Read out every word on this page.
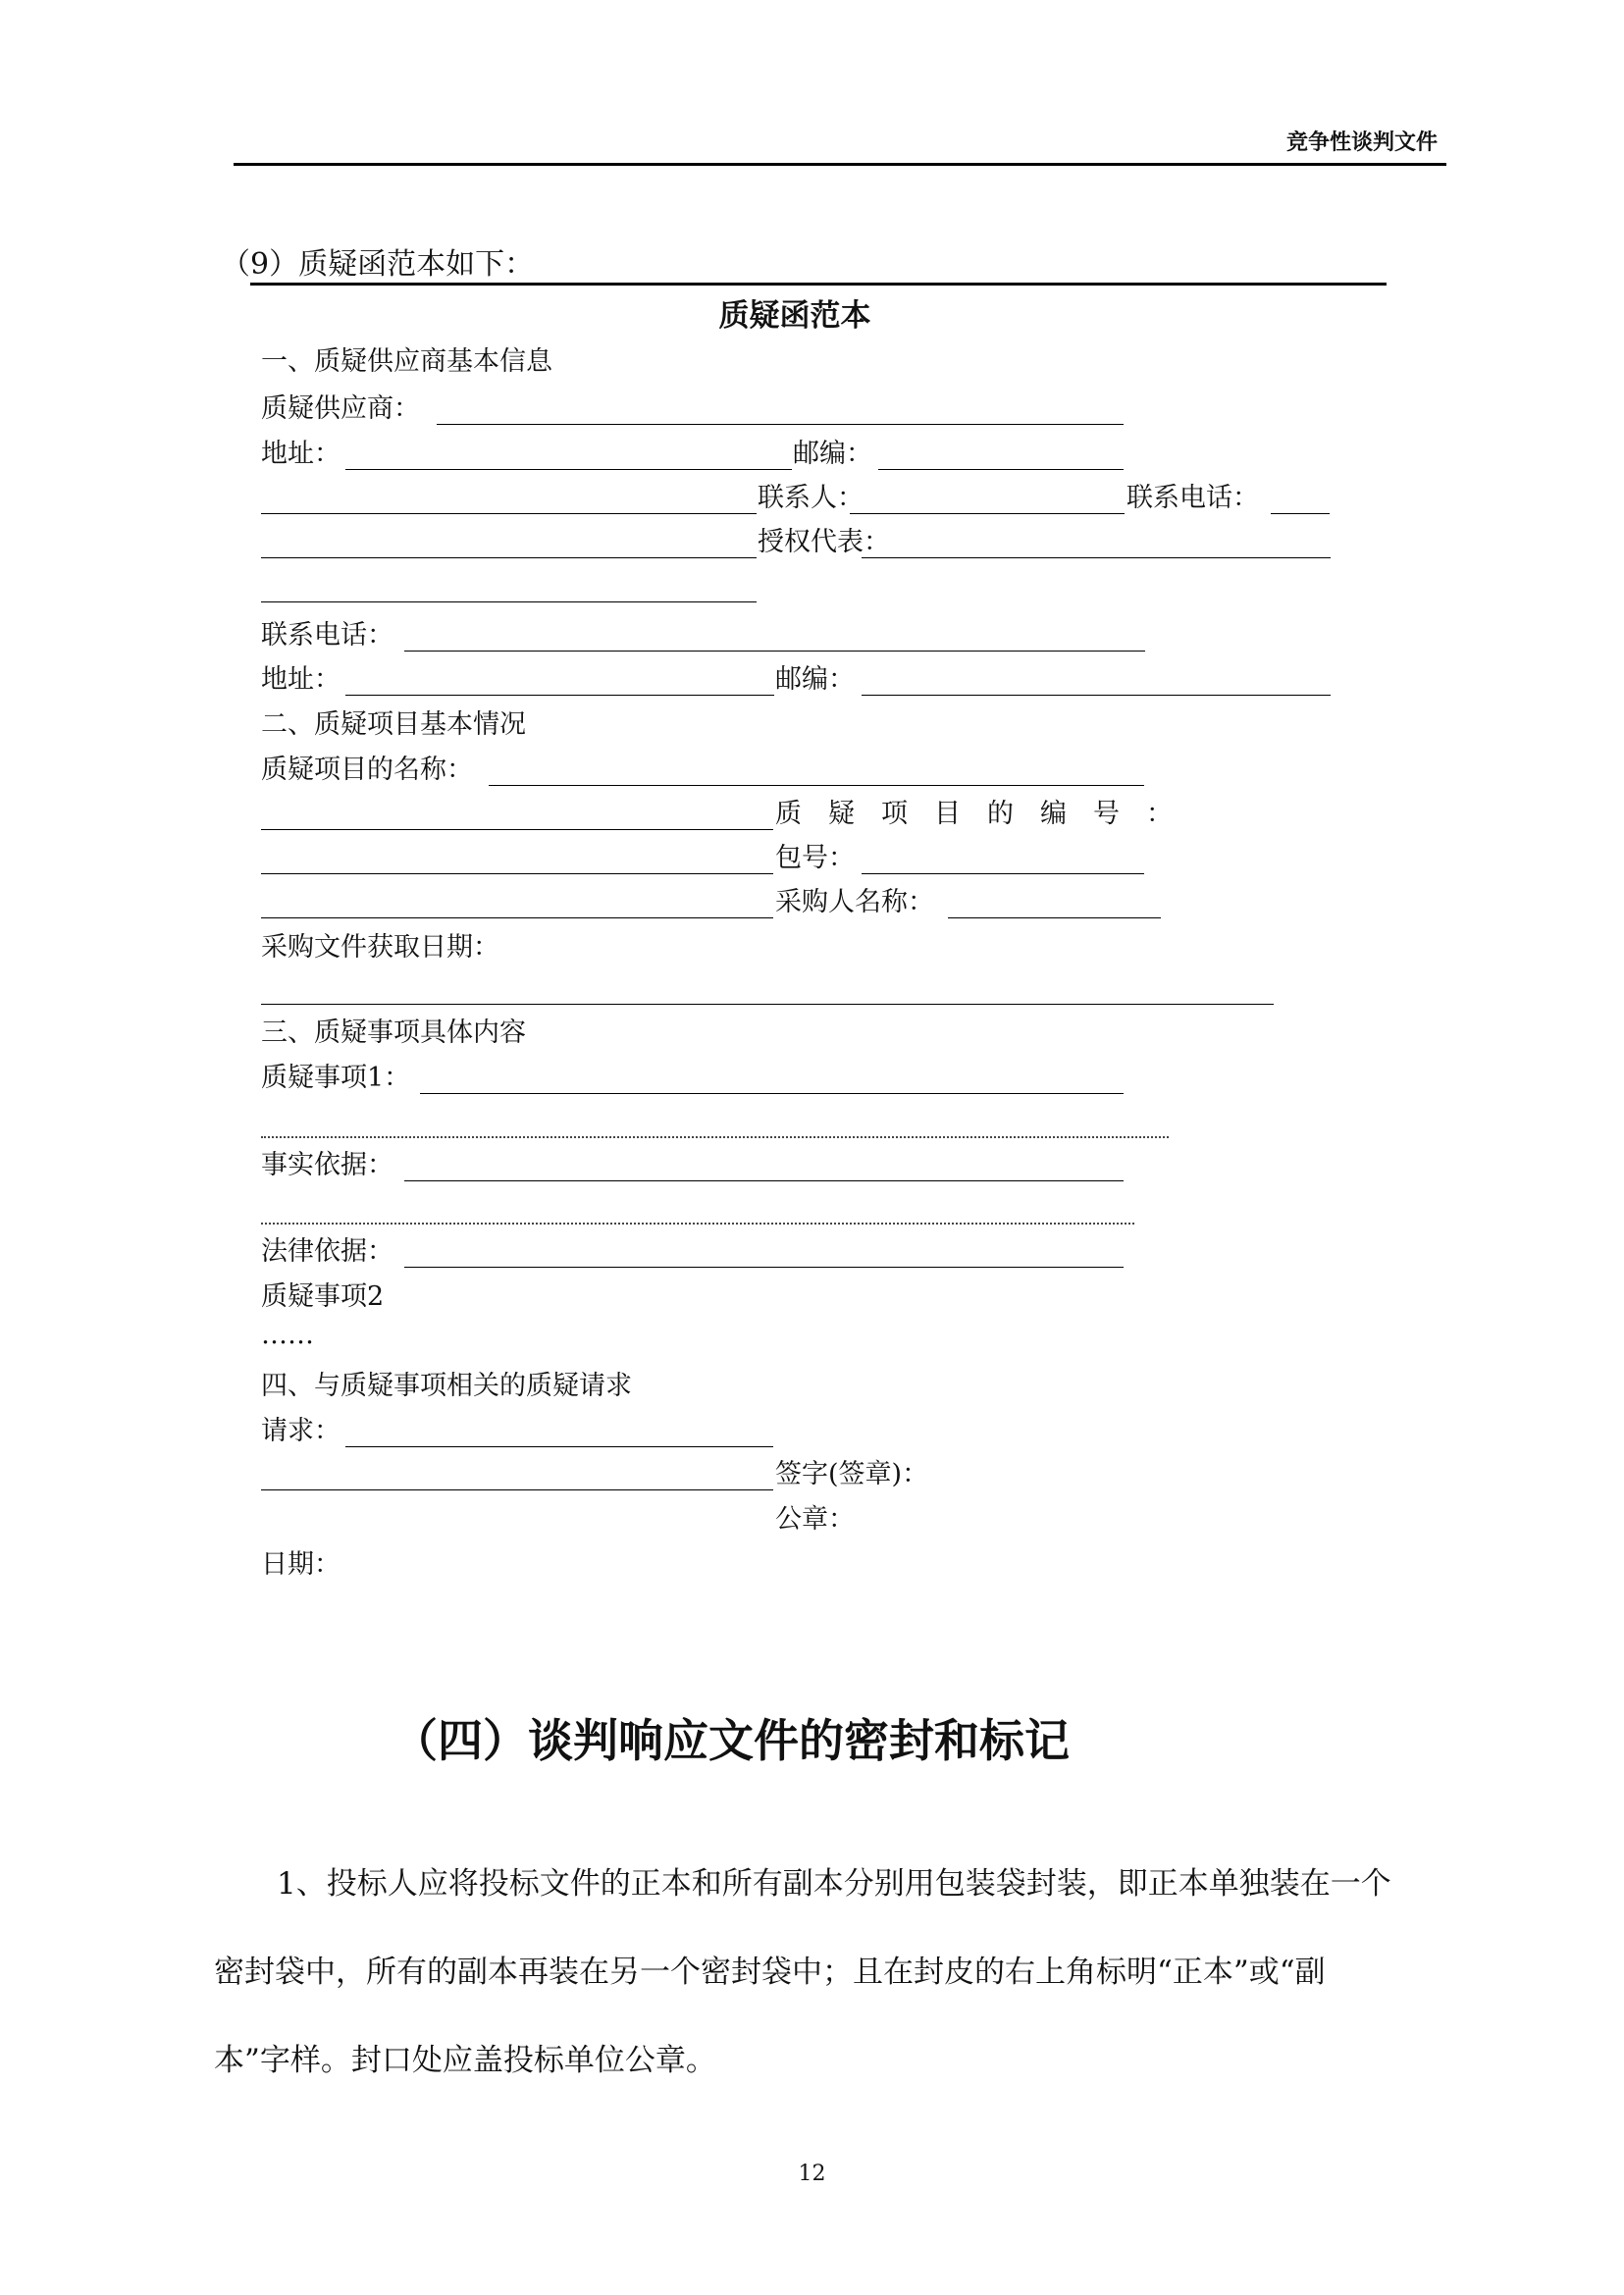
竞争性谈判文件
（9）质疑函范本如下：
质疑函范本
一、质疑供应商基本信息
质疑供应商：
地址：	邮编：
联系人：	联系电话：
授权代表：
联系电话：
地址：	邮编：
二、质疑项目基本情况
质疑项目的名称：
质疑项目的编号：
包号：
采购人名称：
采购文件获取日期：
三、质疑事项具体内容
质疑事项1：
事实依据：
法律依据：
质疑事项2
……
四、与质疑事项相关的质疑请求
请求：
签字(签章)：
公章：
日期：
（四）谈判响应文件的密封和标记
1、投标人应将投标文件的正本和所有副本分别用包装袋封装，即正本单独装在一个
密封袋中，所有的副本再装在另一个密封袋中；且在封皮的右上角标明“正本”或“副
本”字样。封口处应盖投标单位公章。
12
